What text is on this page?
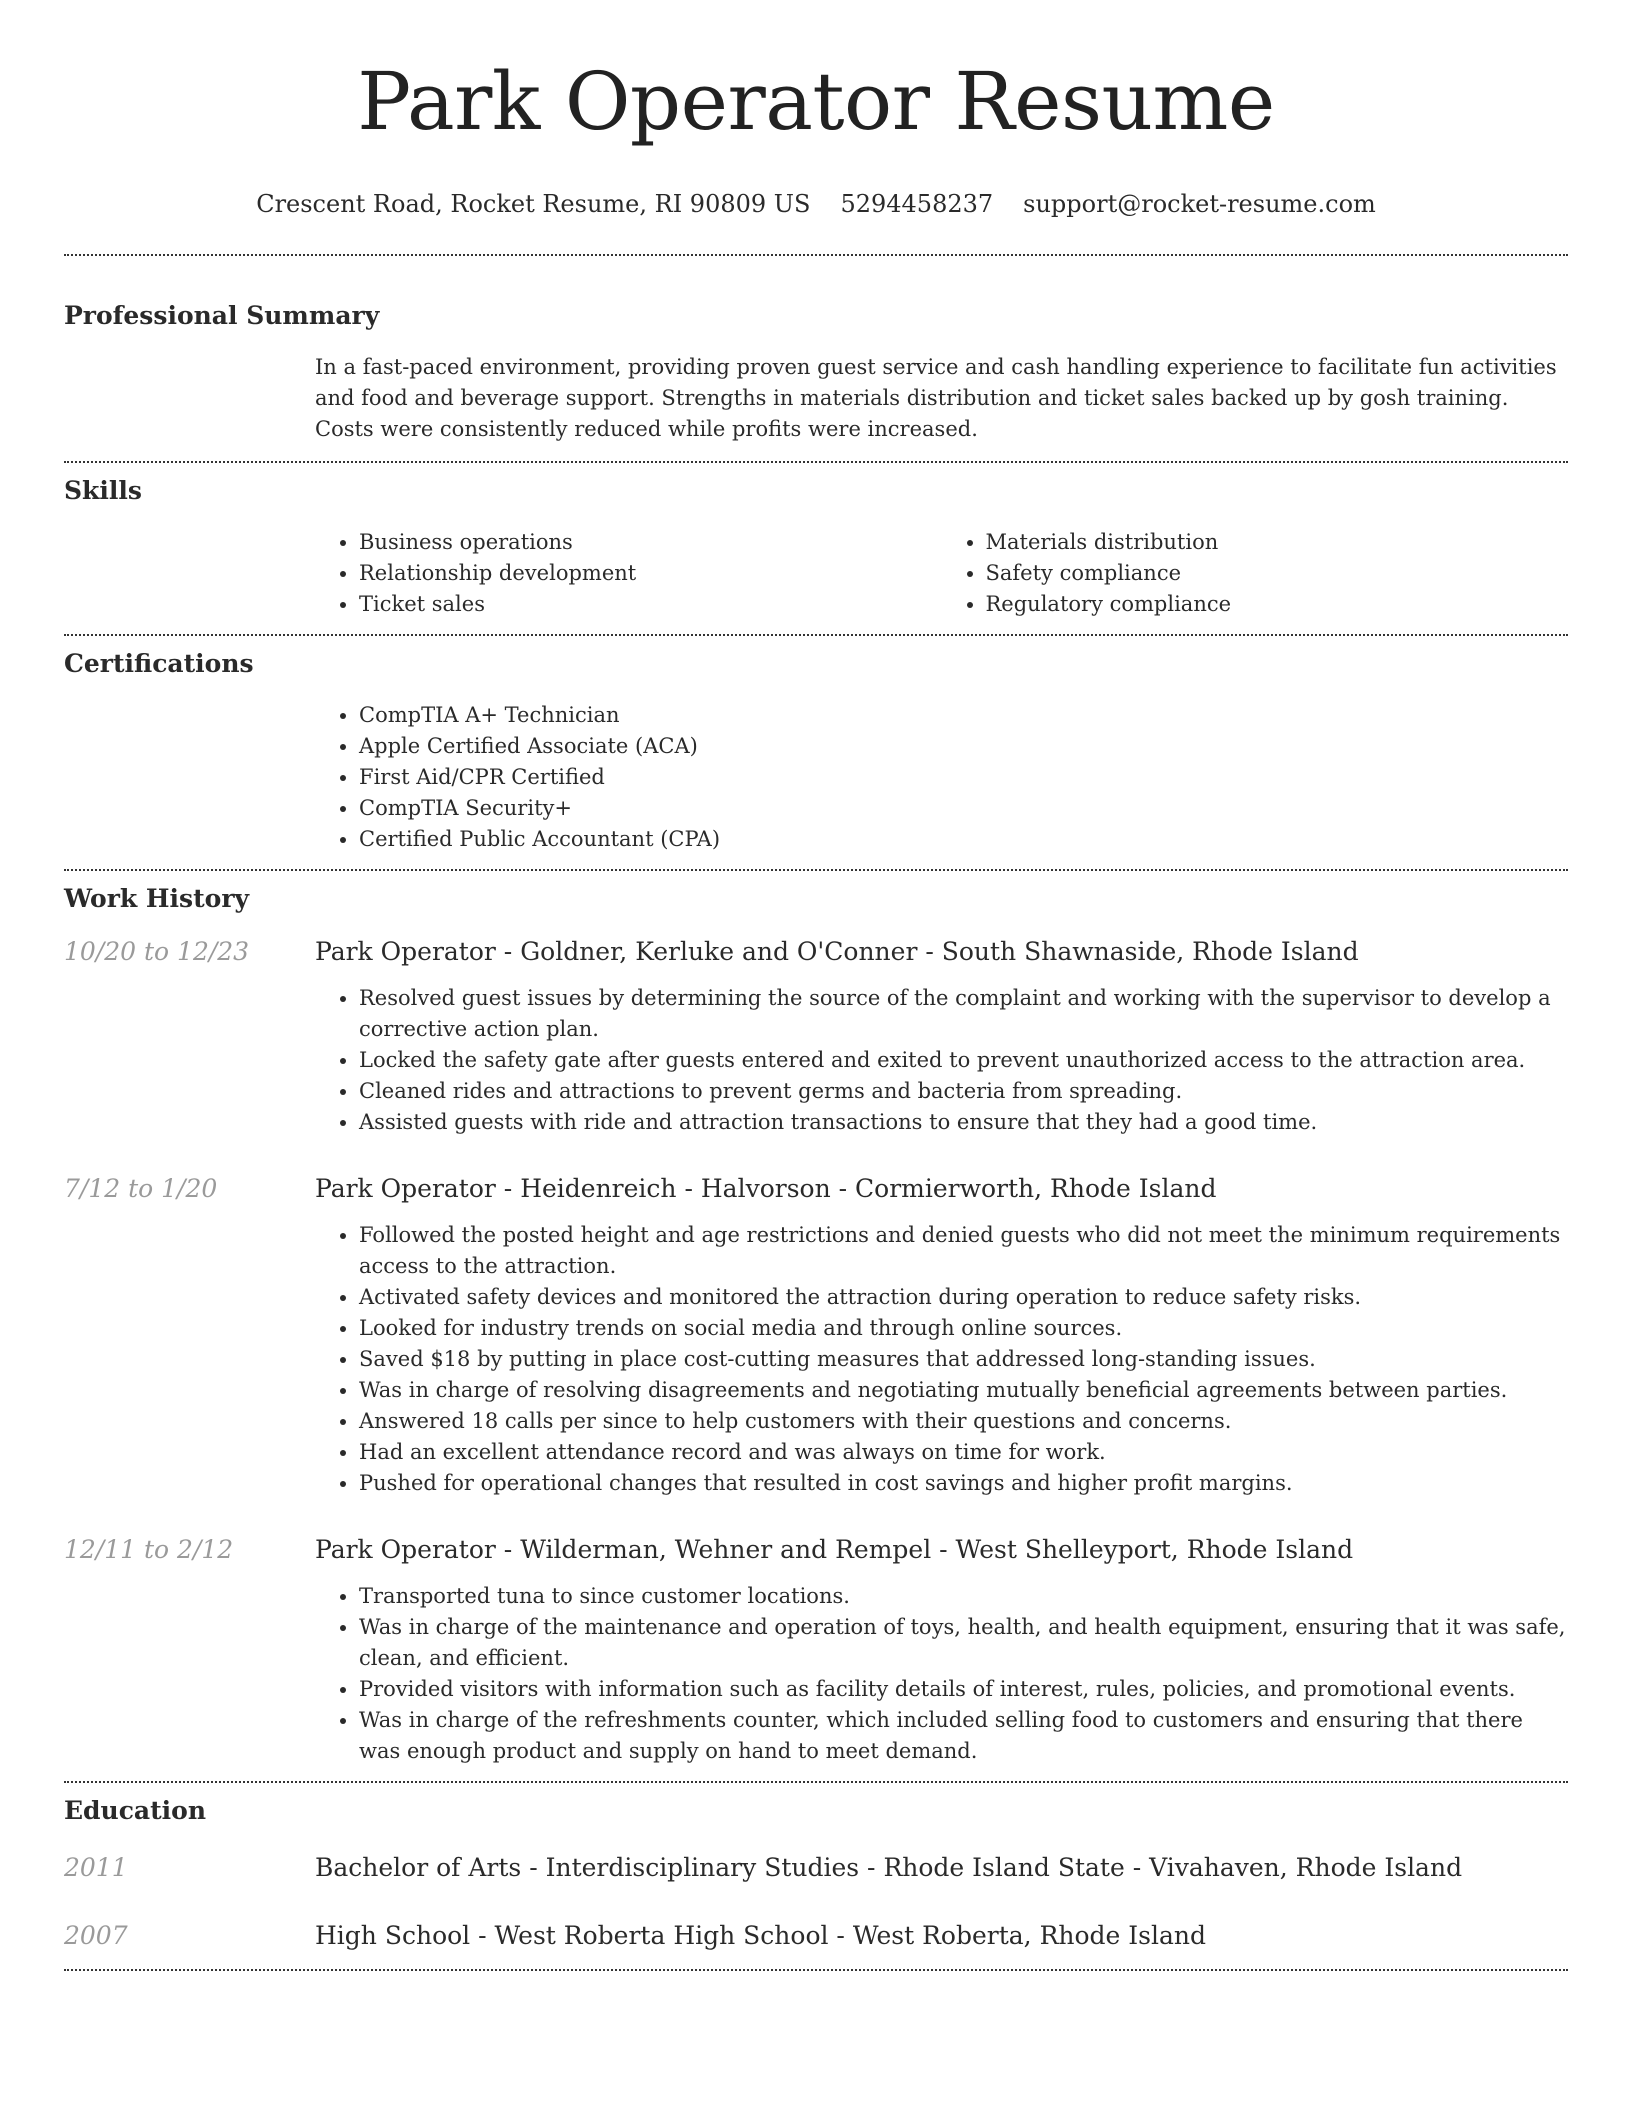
Park Operator Resume
Crescent Road, Rocket Resume, RI 90809 US 5294458237 support@rocket-resume.com
Professional Summary
In a fast-paced environment, providing proven guest service and cash handling experience to facilitate fun activities and food and beverage support. Strengths in materials distribution and ticket sales backed up by gosh training. Costs were consistently reduced while profits were increased.
Skills
• Business operations
• Relationship development
• Ticket sales
• Materials distribution
• Safety compliance
• Regulatory compliance
Certifications
• CompTIA A+ Technician
• Apple Certified Associate (ACA)
• First Aid/CPR Certified
• CompTIA Security+
• Certified Public Accountant (CPA)
Work History
10/20 to 12/23	Park Operator - Goldner, Kerluke and O'Conner - South Shawnaside, Rhode Island
• Resolved guest issues by determining the source of the complaint and working with the supervisor to develop a corrective action plan.
• Locked the safety gate after guests entered and exited to prevent unauthorized access to the attraction area.
• Cleaned rides and attractions to prevent germs and bacteria from spreading.
• Assisted guests with ride and attraction transactions to ensure that they had a good time.
7/12 to 1/20	Park Operator - Heidenreich - Halvorson - Cormierworth, Rhode Island
• Followed the posted height and age restrictions and denied guests who did not meet the minimum requirements access to the attraction.
• Activated safety devices and monitored the attraction during operation to reduce safety risks.
• Looked for industry trends on social media and through online sources.
• Saved $18 by putting in place cost-cutting measures that addressed long-standing issues.
• Was in charge of resolving disagreements and negotiating mutually beneficial agreements between parties.
• Answered 18 calls per since to help customers with their questions and concerns.
• Had an excellent attendance record and was always on time for work.
• Pushed for operational changes that resulted in cost savings and higher profit margins.
12/11 to 2/12	Park Operator - Wilderman, Wehner and Rempel - West Shelleyport, Rhode Island
• Transported tuna to since customer locations.
• Was in charge of the maintenance and operation of toys, health, and health equipment, ensuring that it was safe, clean, and efficient.
• Provided visitors with information such as facility details of interest, rules, policies, and promotional events.
• Was in charge of the refreshments counter, which included selling food to customers and ensuring that there was enough product and supply on hand to meet demand.
Education
2011	Bachelor of Arts - Interdisciplinary Studies - Rhode Island State - Vivahaven, Rhode Island
2007	High School - West Roberta High School - West Roberta, Rhode Island
